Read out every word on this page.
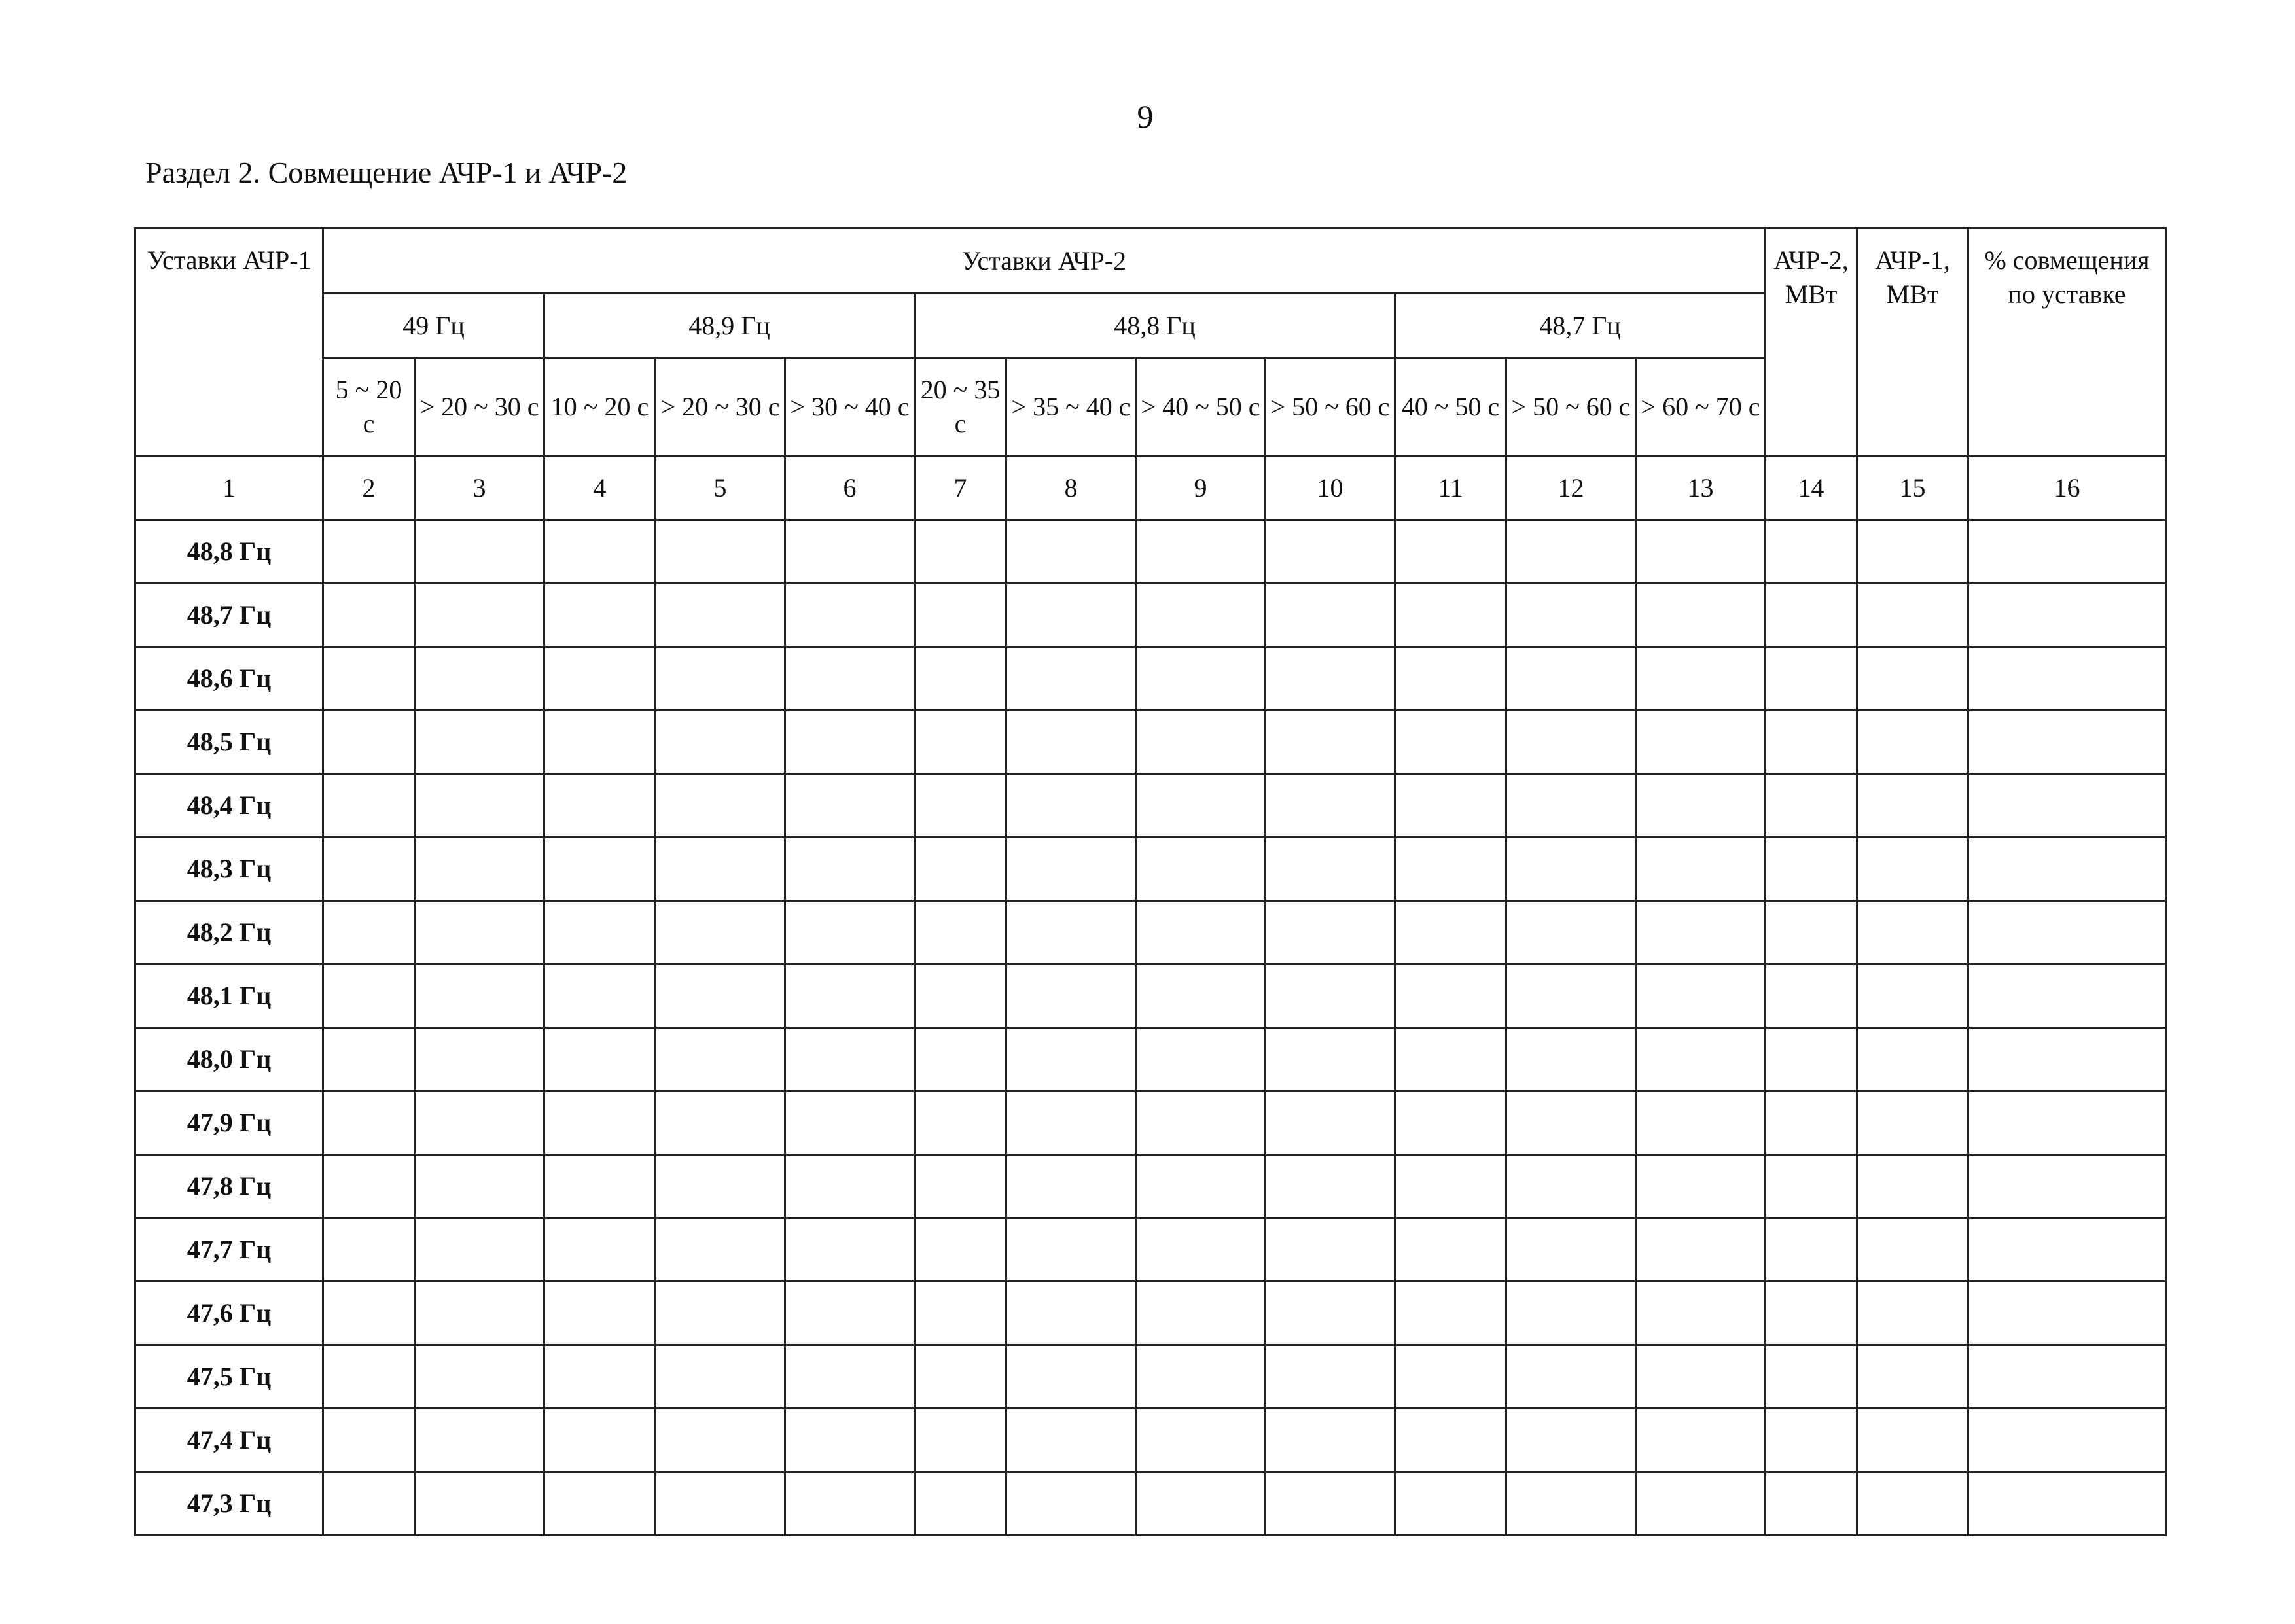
9
Раздел 2. Совмещение АЧР-1 и АЧР-2
Уставки АЧР-1	Уставки АЧР-2												АЧР-2, МВт	АЧР-1, МВт	% совмещения по уставке
	49 Гц		48,9 Гц			48,8 Гц				48,7 Гц					
	5 ~ 20 с	> 20 ~ 30 с	10 ~ 20 с	> 20 ~ 30 с	> 30 ~ 40 с	20 ~ 35 с	> 35 ~ 40 с	> 40 ~ 50 с	> 50 ~ 60 с	40 ~ 50 с	> 50 ~ 60 с	> 60 ~ 70 с			
1	2	3	4	5	6	7	8	9	10	11	12	13	14	15	16
48,8 Гц															
48,7 Гц															
48,6 Гц															
48,5 Гц															
48,4 Гц															
48,3 Гц															
48,2 Гц															
48,1 Гц															
48,0 Гц															
47,9 Гц															
47,8 Гц															
47,7 Гц															
47,6 Гц															
47,5 Гц															
47,4 Гц															
47,3 Гц															
